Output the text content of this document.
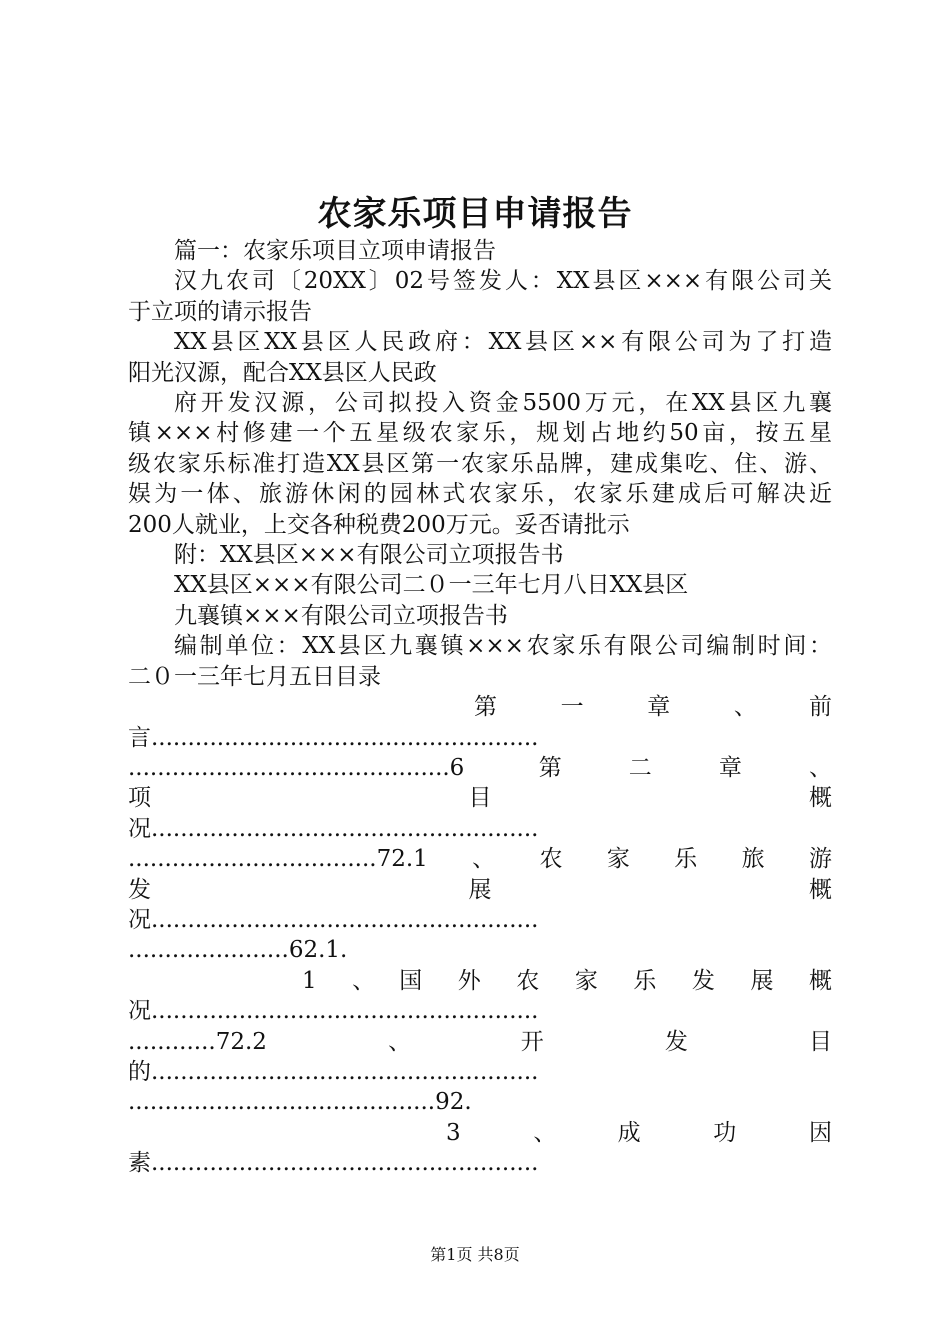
农家乐项目申请报告

篇一：农家乐项目立项申请报告

汉九农司〔20XX〕02号签发人：XX县区×××有限公司关

于立项的请示报告

XX县区XX县区人民政府：XX县区××有限公司为了打造

阳光汉源，配合XX县区人民政

府开发汉源，公司拟投入资金5500万元，在XX县区九襄

镇×××村修建一个五星级农家乐，规划占地约50亩，按五星

级农家乐标准打造XX县区第一农家乐品牌，建成集吃、住、游、

娱为一体、旅游休闲的园林式农家乐，农家乐建成后可解决近

200人就业，上交各种税费200万元。妥否请批示

附：XX县区×××有限公司立项报告书

XX县区×××有限公司二０一三年七月八日XX县区

九襄镇×××有限公司立项报告书

编制单位：XX县区九襄镇×××农家乐有限公司编制时间：

二０一三年七月五日目录

第　一　章　、　前

言.....................................................

............................................6 第二章、

项　　　　　　　　目　　　　　　　　概

况.....................................................

..................................72.1、农家乐旅游

发　　　　　　　　展　　　　　　　　概

况.....................................................

......................62.1.

1　、　国　外　农　家　乐　发　展　概

况.....................................................

............72.2　　　、　　　开　　　发　　　目

的.....................................................

..........................................92.

3　、　成　功　因

素.....................................................

第1页 共8页
